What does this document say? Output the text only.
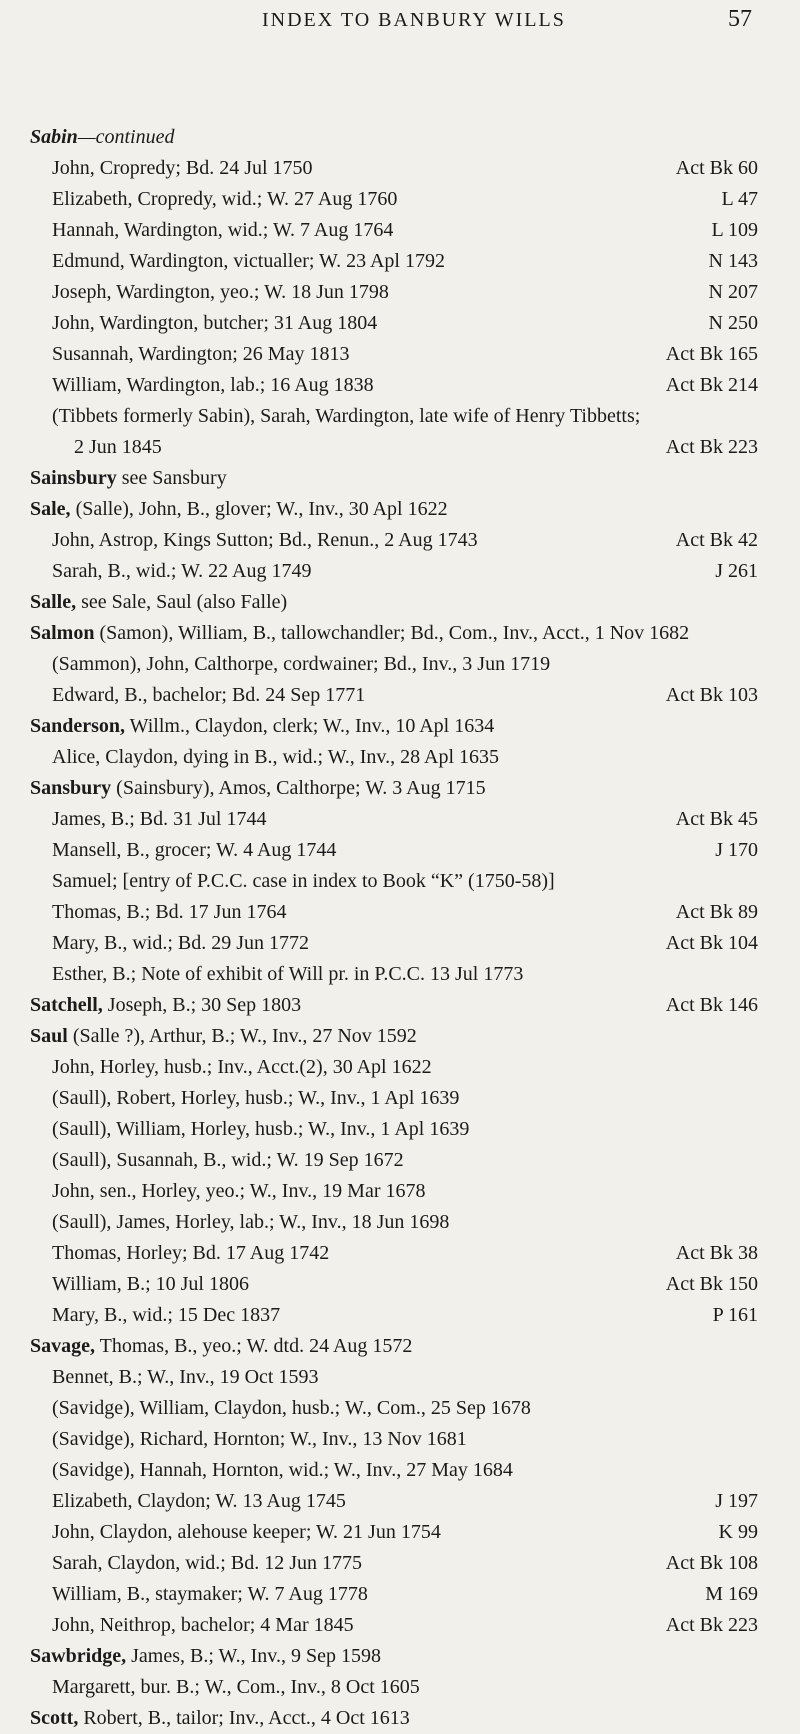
INDEX TO BANBURY WILLS	57
Sabin—continued
John, Cropredy; Bd. 24 Jul 1750	Act Bk 60
Elizabeth, Cropredy, wid.; W. 27 Aug 1760	L 47
Hannah, Wardington, wid.; W. 7 Aug 1764	L 109
Edmund, Wardington, victualler; W. 23 Apl 1792	N 143
Joseph, Wardington, yeo.; W. 18 Jun 1798	N 207
John, Wardington, butcher; 31 Aug 1804	N 250
Susannah, Wardington; 26 May 1813	Act Bk 165
William, Wardington, lab.; 16 Aug 1838	Act Bk 214
(Tibbets formerly Sabin), Sarah, Wardington, late wife of Henry Tibbetts;
2 Jun 1845	Act Bk 223
Sainsbury see Sansbury
Sale, (Salle), John, B., glover; W., Inv., 30 Apl 1622
John, Astrop, Kings Sutton; Bd., Renun., 2 Aug 1743	Act Bk 42
Sarah, B., wid.; W. 22 Aug 1749	J 261
Salle, see Sale, Saul (also Falle)
Salmon (Samon), William, B., tallowchandler; Bd., Com., Inv., Acct., 1 Nov 1682
(Sammon), John, Calthorpe, cordwainer; Bd., Inv., 3 Jun 1719
Edward, B., bachelor; Bd. 24 Sep 1771	Act Bk 103
Sanderson, Willm., Claydon, clerk; W., Inv., 10 Apl 1634
Alice, Claydon, dying in B., wid.; W., Inv., 28 Apl 1635
Sansbury (Sainsbury), Amos, Calthorpe; W. 3 Aug 1715
James, B.; Bd. 31 Jul 1744	Act Bk 45
Mansell, B., grocer; W. 4 Aug 1744	J 170
Samuel; [entry of P.C.C. case in index to Book “K” (1750-58)]
Thomas, B.; Bd. 17 Jun 1764	Act Bk 89
Mary, B., wid.; Bd. 29 Jun 1772	Act Bk 104
Esther, B.; Note of exhibit of Will pr. in P.C.C. 13 Jul 1773
Satchell, Joseph, B.; 30 Sep 1803	Act Bk 146
Saul (Salle ?), Arthur, B.; W., Inv., 27 Nov 1592
John, Horley, husb.; Inv., Acct.(2), 30 Apl 1622
(Saull), Robert, Horley, husb.; W., Inv., 1 Apl 1639
(Saull), William, Horley, husb.; W., Inv., 1 Apl 1639
(Saull), Susannah, B., wid.; W. 19 Sep 1672
John, sen., Horley, yeo.; W., Inv., 19 Mar 1678
(Saull), James, Horley, lab.; W., Inv., 18 Jun 1698
Thomas, Horley; Bd. 17 Aug 1742	Act Bk 38
William, B.; 10 Jul 1806	Act Bk 150
Mary, B., wid.; 15 Dec 1837	P 161
Savage, Thomas, B., yeo.; W. dtd. 24 Aug 1572
Bennet, B.; W., Inv., 19 Oct 1593
(Savidge), William, Claydon, husb.; W., Com., 25 Sep 1678
(Savidge), Richard, Hornton; W., Inv., 13 Nov 1681
(Savidge), Hannah, Hornton, wid.; W., Inv., 27 May 1684
Elizabeth, Claydon; W. 13 Aug 1745	J 197
John, Claydon, alehouse keeper; W. 21 Jun 1754	K 99
Sarah, Claydon, wid.; Bd. 12 Jun 1775	Act Bk 108
William, B., staymaker; W. 7 Aug 1778	M 169
John, Neithrop, bachelor; 4 Mar 1845	Act Bk 223
Sawbridge, James, B.; W., Inv., 9 Sep 1598
Margarett, bur. B.; W., Com., Inv., 8 Oct 1605
Scott, Robert, B., tailor; Inv., Acct., 4 Oct 1613
